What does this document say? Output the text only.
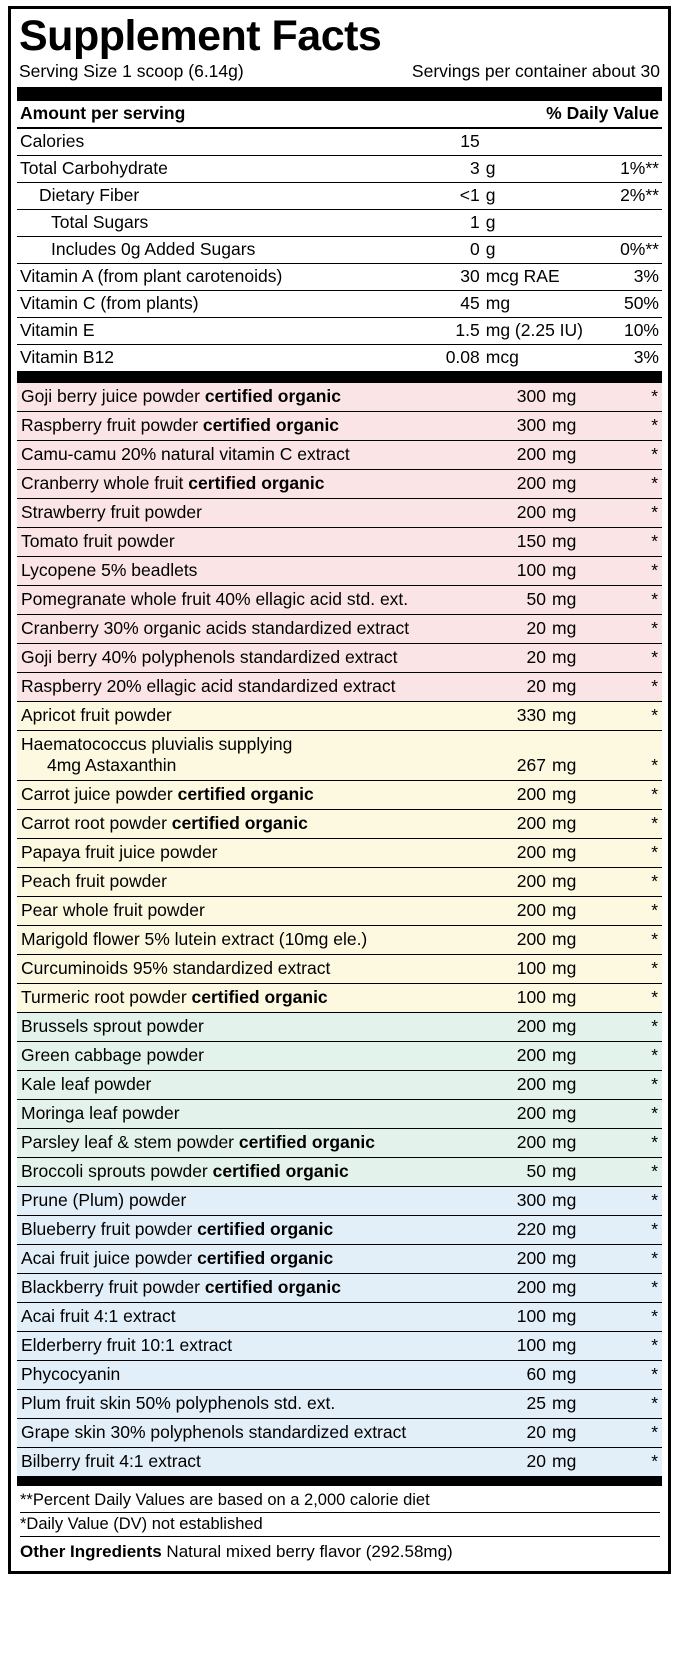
Supplement Facts
Serving Size 1 scoop (6.14g)	Servings per container about 30
Amount per serving		% Daily Value	
Calories	15		
Total Carbohydrate	3	g	1%**
Dietary Fiber	<1	g	2%**
Total Sugars	1	g	
Includes 0g Added Sugars	0	g	0%**
Vitamin A (from plant carotenoids)	30	mcg RAE	3%
Vitamin C (from plants)	45	mg	50%
Vitamin E	1.5	mg (2.25 IU)	10%
Vitamin B12	0.08	mcg	3%
Goji berry juice powder certified organic	300	mg	*
Raspberry fruit powder certified organic	300	mg	*
Camu-camu 20% natural vitamin C extract	200	mg	*
Cranberry whole fruit certified organic	200	mg	*
Strawberry fruit powder	200	mg	*
Tomato fruit powder	150	mg	*
Lycopene 5% beadlets	100	mg	*
Pomegranate whole fruit 40% ellagic acid std. ext.	50	mg	*
Cranberry 30% organic acids standardized extract	20	mg	*
Goji berry 40% polyphenols standardized extract	20	mg	*
Raspberry 20% ellagic acid standardized extract	20	mg	*
Apricot fruit powder	330	mg	*
Haematococcus pluvialis supplying
4mg Astaxanthin	267	mg	*
Carrot juice powder certified organic	200	mg	*
Carrot root powder certified organic	200	mg	*
Papaya fruit juice powder	200	mg	*
Peach fruit powder	200	mg	*
Pear whole fruit powder	200	mg	*
Marigold flower 5% lutein extract (10mg ele.)	200	mg	*
Curcuminoids 95% standardized extract	100	mg	*
Turmeric root powder certified organic	100	mg	*
Brussels sprout powder	200	mg	*
Green cabbage powder	200	mg	*
Kale leaf powder	200	mg	*
Moringa leaf powder	200	mg	*
Parsley leaf & stem powder certified organic	200	mg	*
Broccoli sprouts powder certified organic	50	mg	*
Prune (Plum) powder	300	mg	*
Blueberry fruit powder certified organic	220	mg	*
Acai fruit juice powder certified organic	200	mg	*
Blackberry fruit powder certified organic	200	mg	*
Acai fruit 4:1 extract	100	mg	*
Elderberry fruit 10:1 extract	100	mg	*
Phycocyanin	60	mg	*
Plum fruit skin 50% polyphenols std. ext.	25	mg	*
Grape skin 30% polyphenols standardized extract	20	mg	*
Bilberry fruit 4:1 extract	20	mg	*
**Percent Daily Values are based on a 2,000 calorie diet
*Daily Value (DV) not established
Other Ingredients Natural mixed berry flavor (292.58mg)
